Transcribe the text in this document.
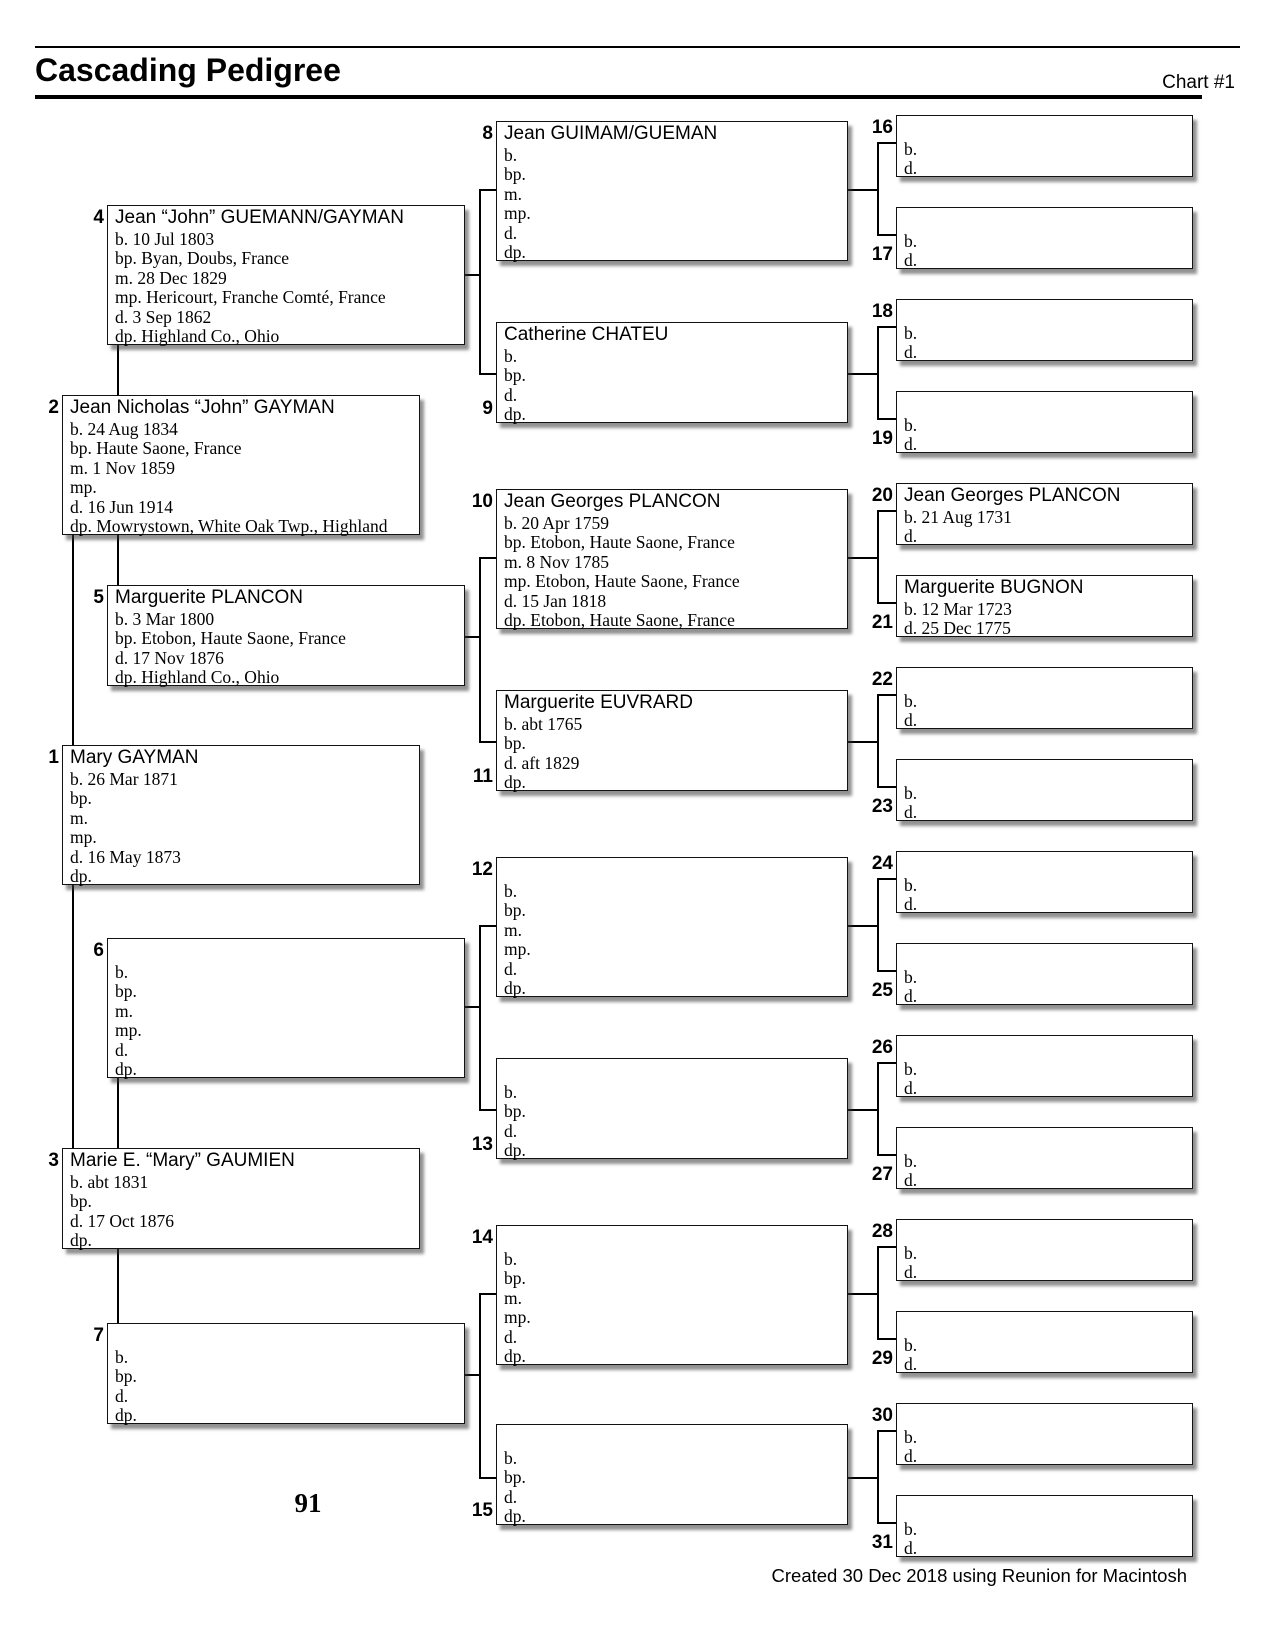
Cascading Pedigree	Chart #1
4 Jean “John” GUEMANN/GAYMAN
b. 10 Jul 1803
bp. Byan, Doubs, France
m. 28 Dec 1829
mp. Hericourt, Franche Comté, France
d. 3 Sep 1862
dp. Highland Co., Ohio
2 Jean Nicholas “John” GAYMAN
b. 24 Aug 1834
bp. Haute Saone, France
m. 1 Nov 1859
mp.
d. 16 Jun 1914
dp. Mowrystown, White Oak Twp., Highland
5 Marguerite PLANCON
b. 3 Mar 1800
bp. Etobon, Haute Saone, France
d. 17 Nov 1876
dp. Highland Co., Ohio
1 Mary GAYMAN
b. 26 Mar 1871
bp.
m.
mp.
d. 16 May 1873
dp.
6
b.
bp.
m.
mp.
d.
dp.
3 Marie E. “Mary” GAUMIEN
b. abt 1831
bp.
d. 17 Oct 1876
dp.
7
b.
bp.
d.
dp.
8 Jean GUIMAM/GUEMAN
b.
bp.
m.
mp.
d.
dp.
9
Catherine CHATEU
b.
bp.
d.
dp.
10 Jean Georges PLANCON
b. 20 Apr 1759
bp. Etobon, Haute Saone, France
m. 8 Nov 1785
mp. Etobon, Haute Saone, France
d. 15 Jan 1818
dp. Etobon, Haute Saone, France
11
Marguerite EUVRARD
b. abt 1765
bp.
d. aft 1829
dp.
12
b.
bp.
m.
mp.
d.
dp.
13
b.
bp.
d.
dp.
14
b.
bp.
m.
mp.
d.
dp.
15
b.
bp.
d.
dp.
16
b.
d.
17
b.
d.
18
b.
d.
19
b.
d.
20 Jean Georges PLANCON
b. 21 Aug 1731
d.
21
Marguerite BUGNON
b. 12 Mar 1723
d. 25 Dec 1775
22
b.
d.
23
b.
d.
24
b.
d.
25
b.
d.
26
b.
d.
27
b.
d.
28
b.
d.
29
b.
d.
30
b.
d.
31
b.
d.
91
Created 30 Dec 2018 using Reunion for Macintosh
